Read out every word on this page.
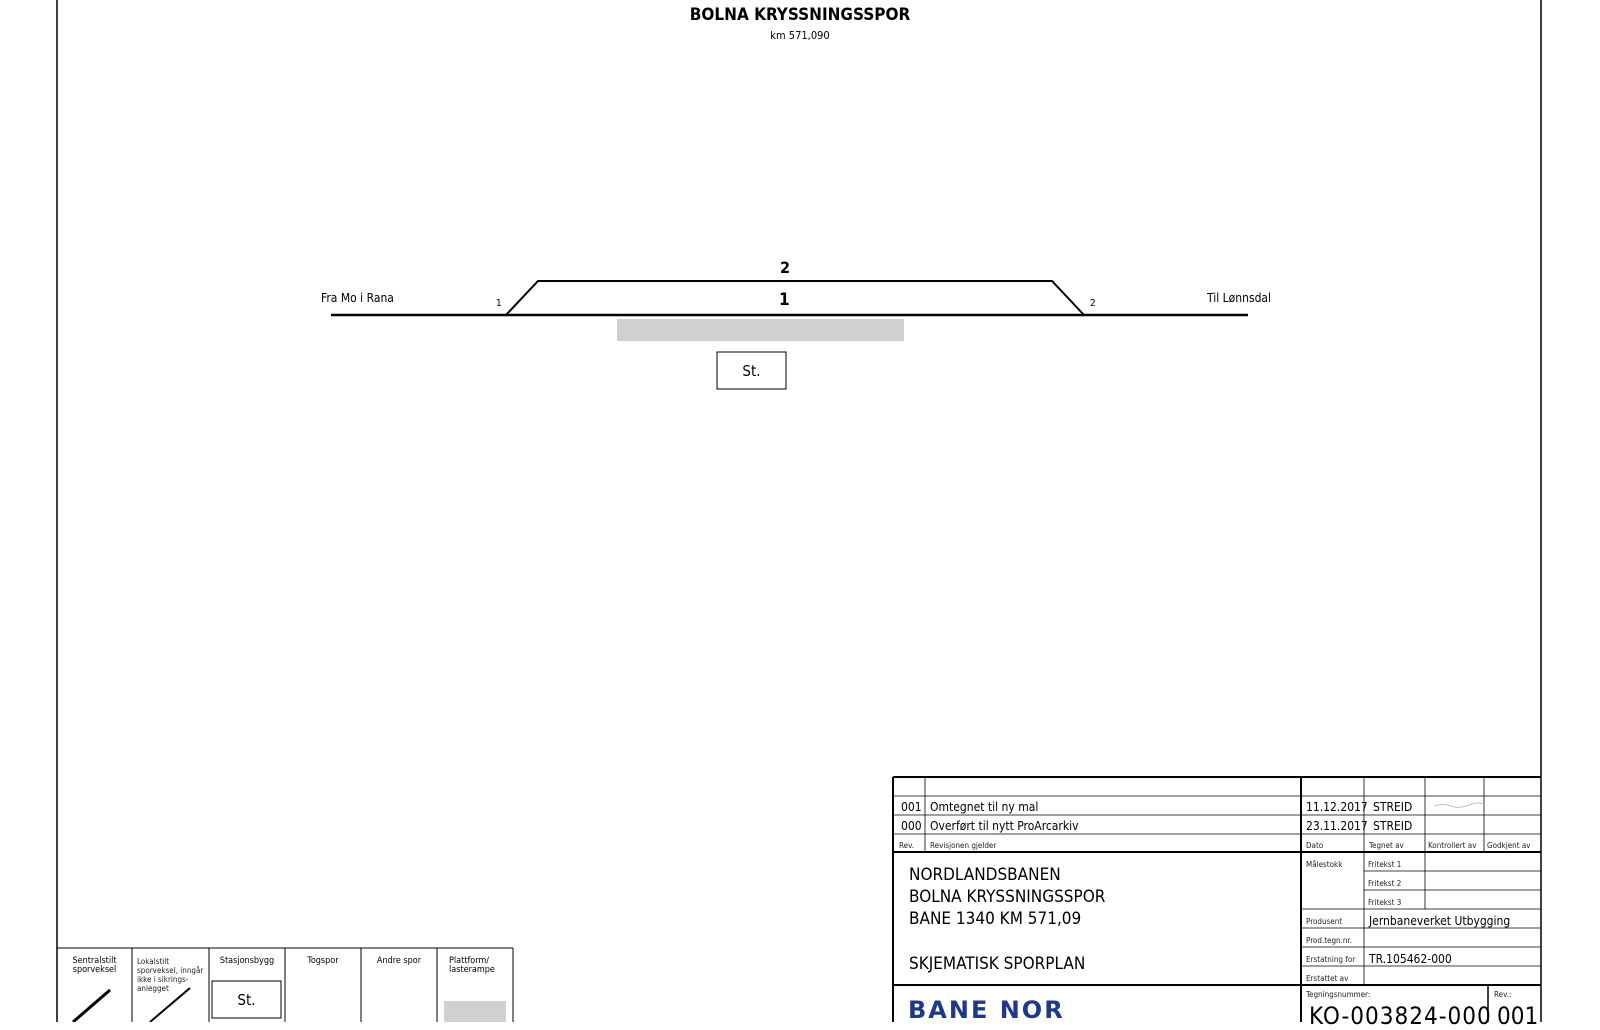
BOLNA KRYSSNINGSSPOR
km 571,090
Fra Mo i Rana	Til Lønnsdal
1	2
2
1
St.
Sentralstilt sporveksel
Lokalstilt sporveksel, inngår ikke i sikrings-anlegget
Stasjonsbygg	Togspor	Andre spor	Plattform/ lasterampe
St.
001 Omtegnet til ny mal	11.12.2017 STREID
000 Overført til nytt ProArcarkiv	23.11.2017 STREID
Rev. Revisjonen gjelder	Dato	Tegnet av	Kontrollert av Godkjent av
NORDLANDSBANEN
BOLNA KRYSSNINGSSPOR
BANE 1340 KM 571,09
SKJEMATISK SPORPLAN
Målestokk	Fritekst 1
Fritekst 2
Fritekst 3
Produsent Jernbaneverket Utbygging
Prod.tegn.nr.
Erstatning for TR.105462-000
Erstattet av
Tegningsnummer:
KO-003824-000
Rev.:
001
BANE NOR
